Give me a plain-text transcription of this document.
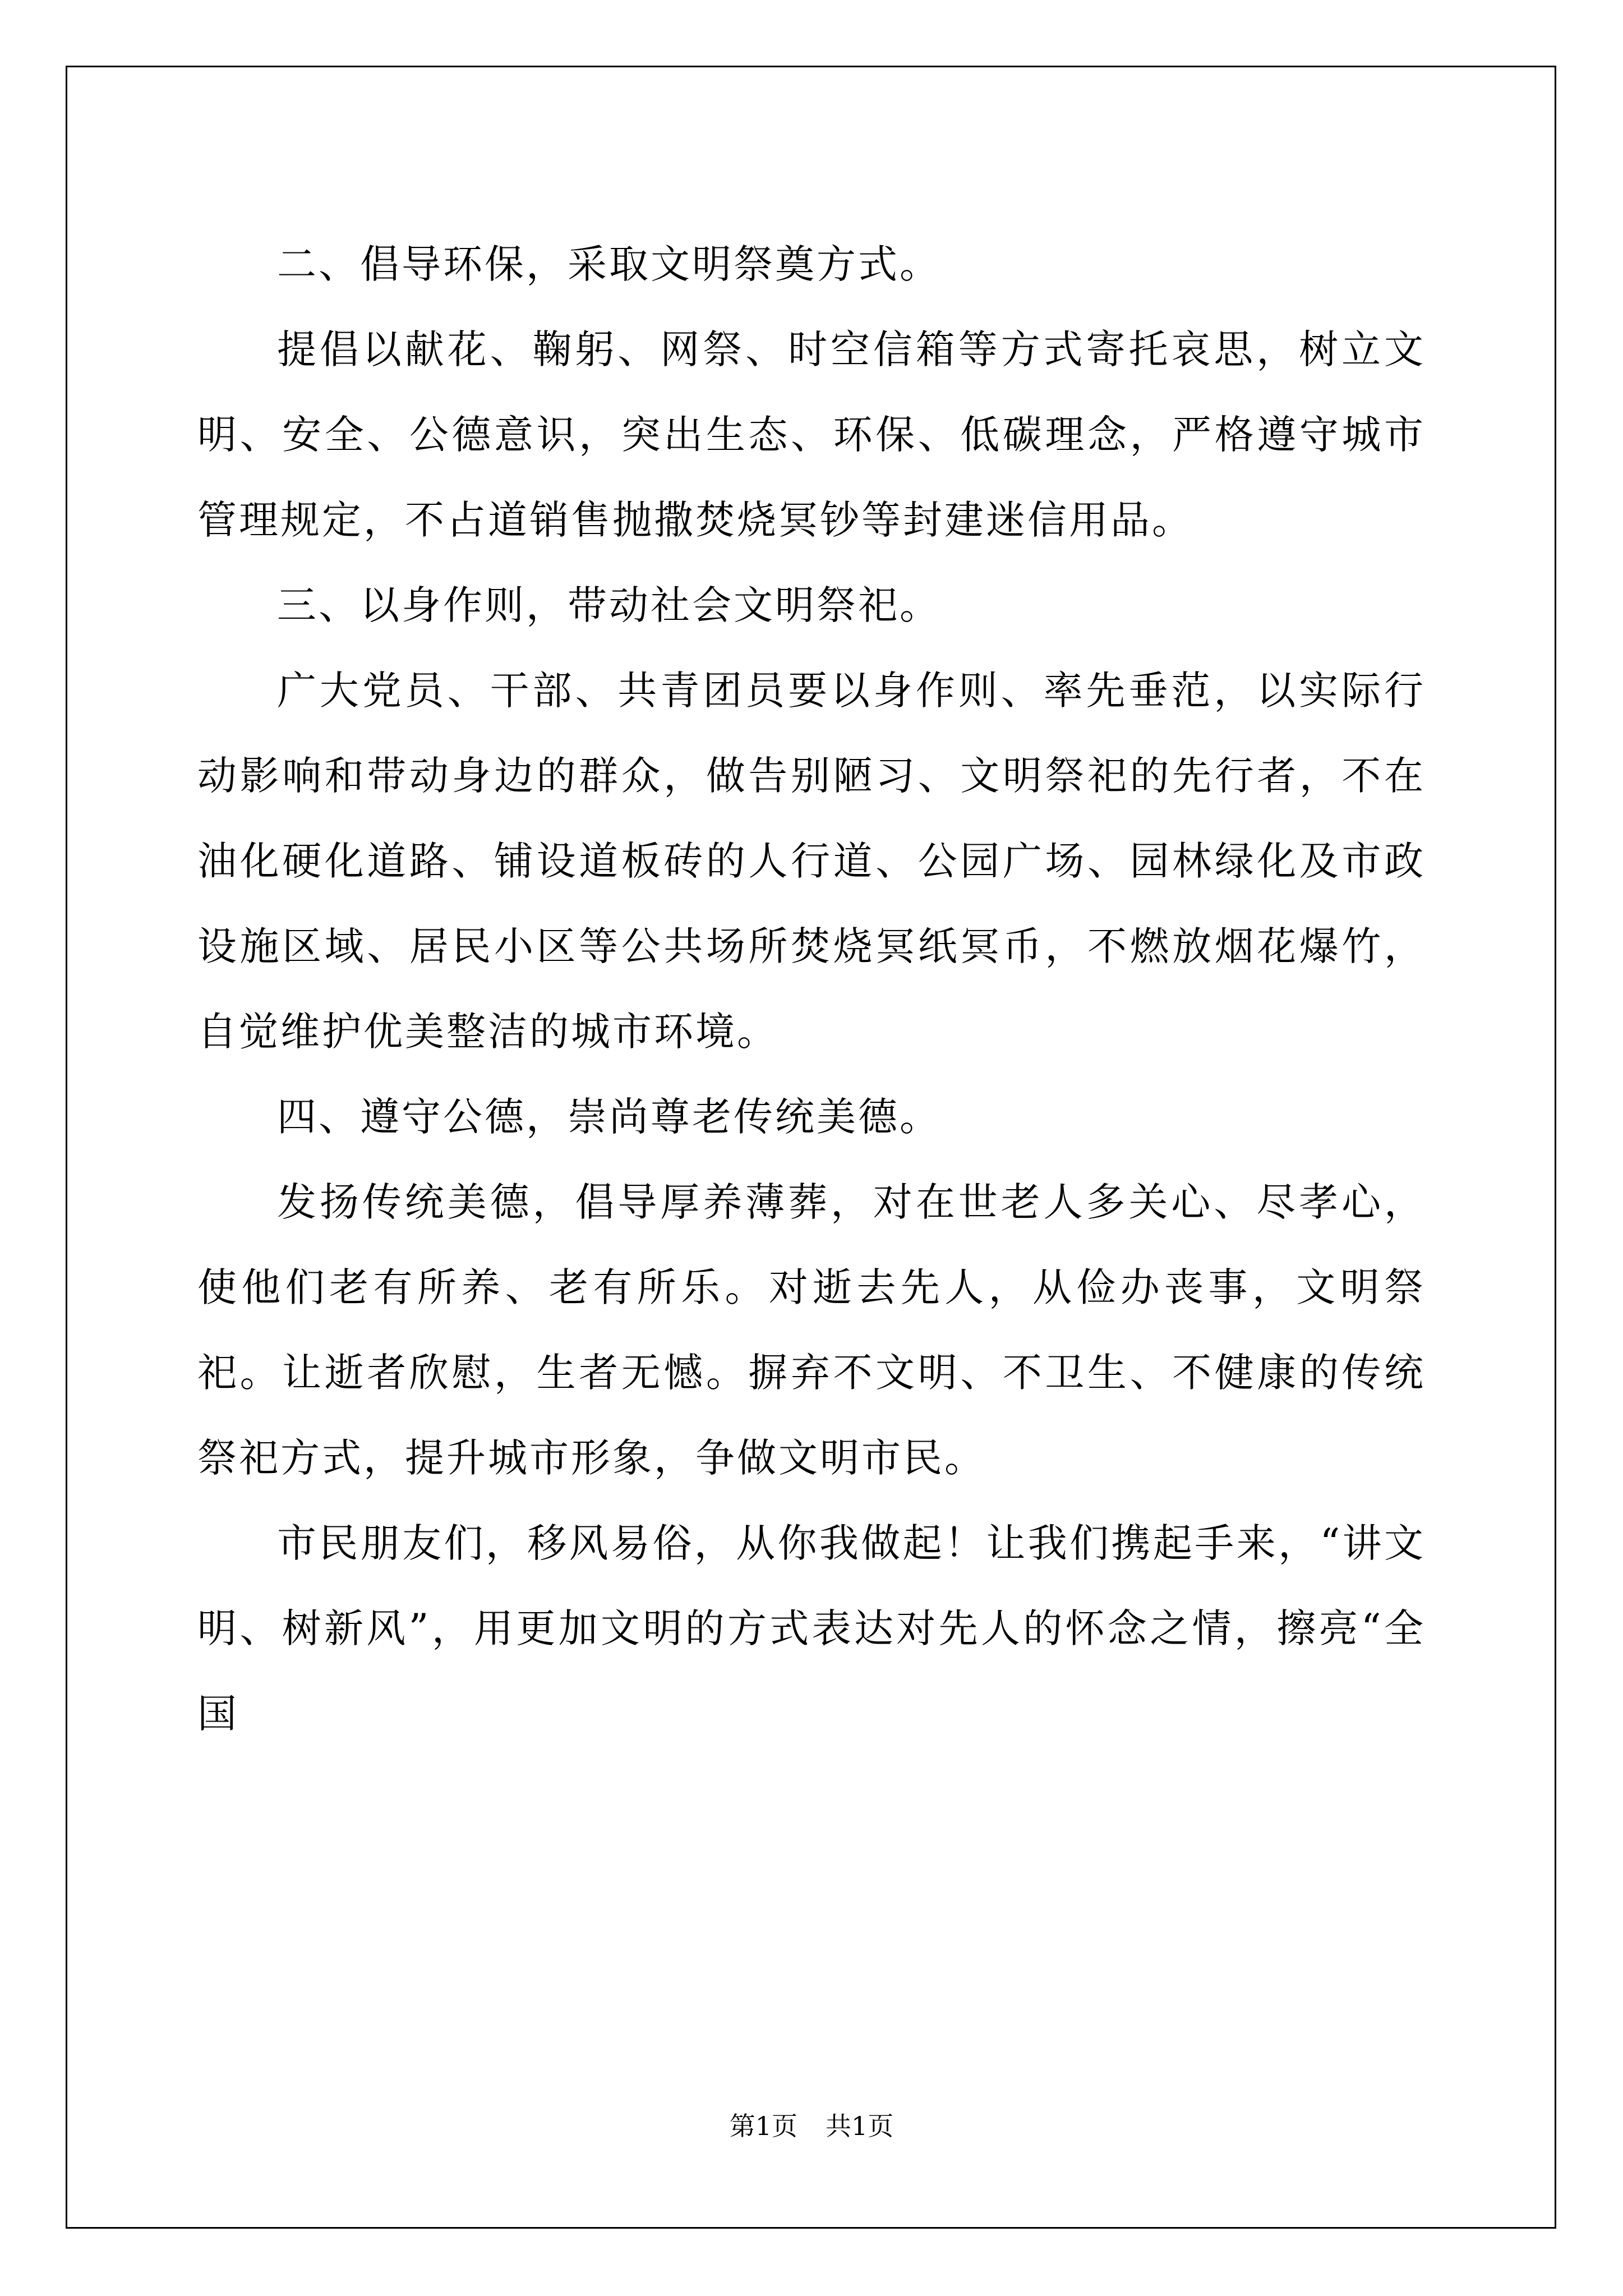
二、倡导环保，采取文明祭奠方式。

提倡以献花、鞠躬、网祭、时空信箱等方式寄托哀思，树立文明、安全、公德意识，突出生态、环保、低碳理念，严格遵守城市管理规定，不占道销售抛撒焚烧冥钞等封建迷信用品。

三、以身作则，带动社会文明祭祀。

广大党员、干部、共青团员要以身作则、率先垂范，以实际行动影响和带动身边的群众，做告别陋习、文明祭祀的先行者，不在油化硬化道路、铺设道板砖的人行道、公园广场、园林绿化及市政设施区域、居民小区等公共场所焚烧冥纸冥币，不燃放烟花爆竹，自觉维护优美整洁的城市环境。

四、遵守公德，崇尚尊老传统美德。

发扬传统美德，倡导厚养薄葬，对在世老人多关心、尽孝心，使他们老有所养、老有所乐。对逝去先人，从俭办丧事，文明祭祀。让逝者欣慰，生者无憾。摒弃不文明、不卫生、不健康的传统祭祀方式，提升城市形象，争做文明市民。

市民朋友们，移风易俗，从你我做起！让我们携起手来，“讲文明、树新风”，用更加文明的方式表达对先人的怀念之情，擦亮“全国

第1页 共1页
